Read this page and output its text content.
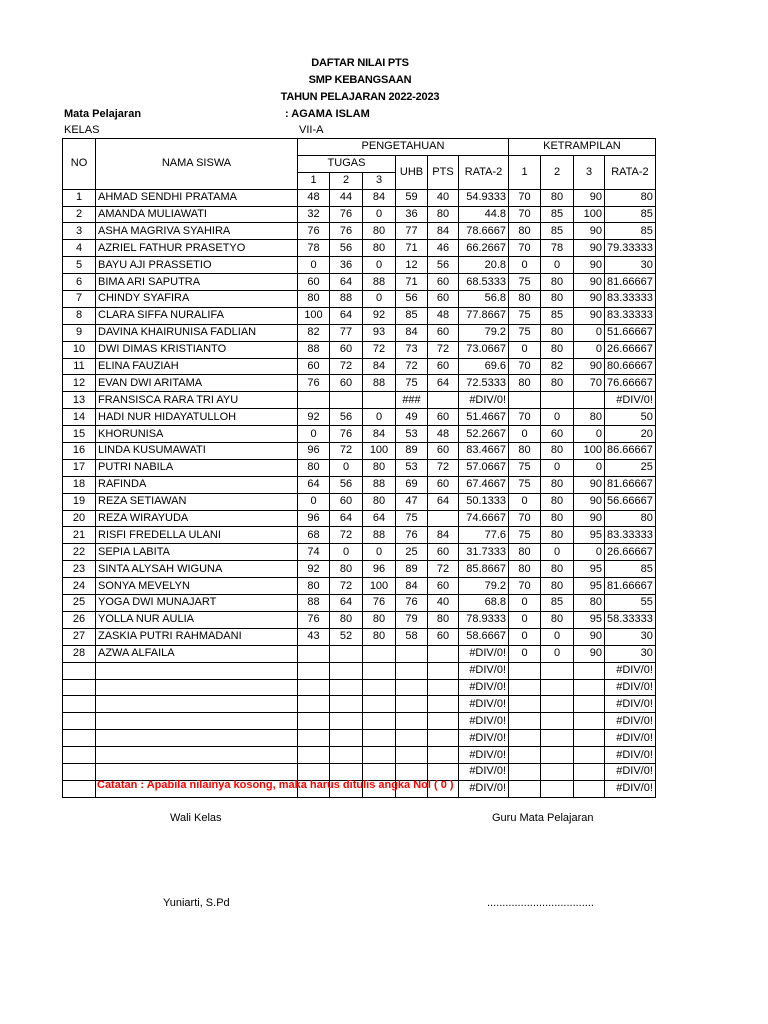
DAFTAR NILAI PTS
SMP KEBANGSAAN
TAHUN PELAJARAN 2022-2023
Mata Pelajaran	: AGAMA ISLAM
KELAS	VII-A
NO	NAMA SISWA	PENGETAHUAN						KETRAMPILAN			
		TUGAS			UHB	PTS	RATA-2	1	2	3	RATA-2
		1	2	3							
1	AHMAD SENDHI PRATAMA	48	44	84	59	40	54.9333	70	80	90	80
2	AMANDA MULIAWATI	32	76	0	36	80	44.8	70	85	100	85
3	ASHA MAGRIVA SYAHIRA	76	76	80	77	84	78.6667	80	85	90	85
4	AZRIEL FATHUR PRASETYO	78	56	80	71	46	66.2667	70	78	90	79.33333
5	BAYU AJI PRASSETIO	0	36	0	12	56	20.8	0	0	90	30
6	BIMA ARI SAPUTRA	60	64	88	71	60	68.5333	75	80	90	81.66667
7	CHINDY SYAFIRA	80	88	0	56	60	56.8	80	80	90	83.33333
8	CLARA SIFFA NURALIFA	100	64	92	85	48	77.8667	75	85	90	83.33333
9	DAVINA KHAIRUNISA FADLIAN	82	77	93	84	60	79.2	75	80	0	51.66667
10	DWI DIMAS KRISTIANTO	88	60	72	73	72	73.0667	0	80	0	26.66667
11	ELINA FAUZIAH	60	72	84	72	60	69.6	70	82	90	80.66667
12	EVAN DWI ARITAMA	76	60	88	75	64	72.5333	80	80	70	76.66667
13	FRANSISCA RARA TRI AYU				###		#DIV/0!				#DIV/0!
14	HADI NUR HIDAYATULLOH	92	56	0	49	60	51.4667	70	0	80	50
15	KHORUNISA	0	76	84	53	48	52.2667	0	60	0	20
16	LINDA KUSUMAWATI	96	72	100	89	60	83.4667	80	80	100	86.66667
17	PUTRI NABILA	80	0	80	53	72	57.0667	75	0	0	25
18	RAFINDA	64	56	88	69	60	67.4667	75	80	90	81.66667
19	REZA SETIAWAN	0	60	80	47	64	50.1333	0	80	90	56.66667
20	REZA WIRAYUDA	96	64	64	75		74.6667	70	80	90	80
21	RISFI FREDELLA ULANI	68	72	88	76	84	77.6	75	80	95	83.33333
22	SEPIA LABITA	74	0	0	25	60	31.7333	80	0	0	26.66667
23	SINTA ALYSAH WIGUNA	92	80	96	89	72	85.8667	80	80	95	85
24	SONYA MEVELYN	80	72	100	84	60	79.2	70	80	95	81.66667
25	YOGA DWI MUNAJART	88	64	76	76	40	68.8	0	85	80	55
26	YOLLA NUR AULIA	76	80	80	79	80	78.9333	0	80	95	58.33333
27	ZASKIA PUTRI RAHMADANI	43	52	80	58	60	58.6667	0	0	90	30
28	AZWA ALFAILA						#DIV/0!	0	0	90	30
							#DIV/0!				#DIV/0!
							#DIV/0!				#DIV/0!
							#DIV/0!				#DIV/0!
							#DIV/0!				#DIV/0!
							#DIV/0!				#DIV/0!
							#DIV/0!				#DIV/0!
							#DIV/0!				#DIV/0!
							#DIV/0!				#DIV/0!
Catatan : Apabila nilainya kosong, maka harus ditulis angka Nol ( 0 )
Wali Kelas	Guru Mata Pelajaran
Yuniarti, S.Pd	...................................
